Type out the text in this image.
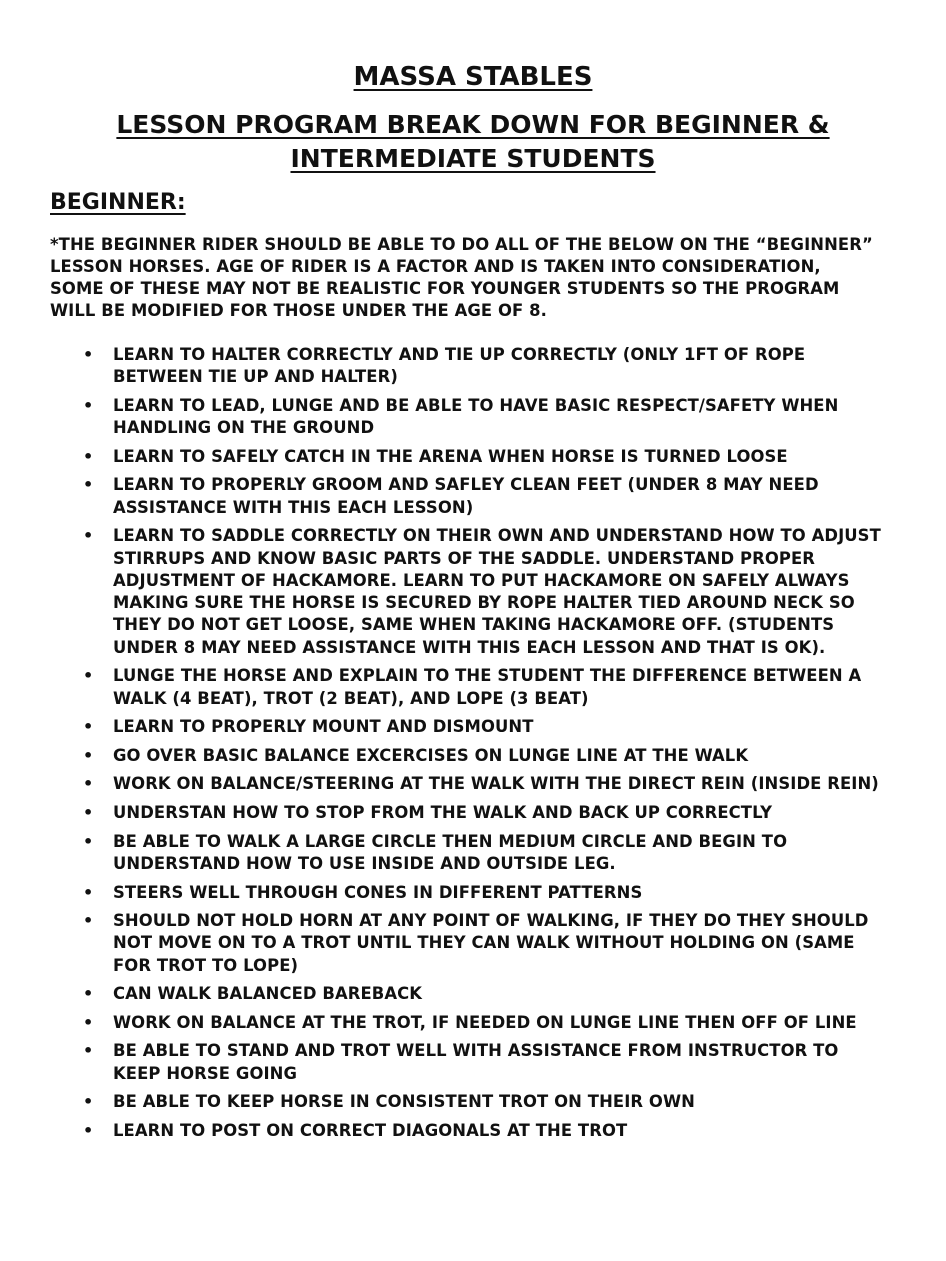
MASSA STABLES
LESSON PROGRAM BREAK DOWN FOR BEGINNER & INTERMEDIATE STUDENTS
BEGINNER:

*THE BEGINNER RIDER SHOULD BE ABLE TO DO ALL OF THE BELOW ON THE “BEGINNER” LESSON HORSES. AGE OF RIDER IS A FACTOR AND IS TAKEN INTO CONSIDERATION, SOME OF THESE MAY NOT BE REALISTIC FOR YOUNGER STUDENTS SO THE PROGRAM WILL BE MODIFIED FOR THOSE UNDER THE AGE OF 8.

• LEARN TO HALTER CORRECTLY AND TIE UP CORRECTLY (ONLY 1FT OF ROPE BETWEEN TIE UP AND HALTER)
• LEARN TO LEAD, LUNGE AND BE ABLE TO HAVE BASIC RESPECT/SAFETY WHEN HANDLING ON THE GROUND
• LEARN TO SAFELY CATCH IN THE ARENA WHEN HORSE IS TURNED LOOSE
• LEARN TO PROPERLY GROOM AND SAFLEY CLEAN FEET (UNDER 8 MAY NEED ASSISTANCE WITH THIS EACH LESSON)
• LEARN TO SADDLE CORRECTLY ON THEIR OWN AND UNDERSTAND HOW TO ADJUST STIRRUPS AND KNOW BASIC PARTS OF THE SADDLE. UNDERSTAND PROPER ADJUSTMENT OF HACKAMORE. LEARN TO PUT HACKAMORE ON SAFELY ALWAYS MAKING SURE THE HORSE IS SECURED BY ROPE HALTER TIED AROUND NECK SO THEY DO NOT GET LOOSE, SAME WHEN TAKING HACKAMORE OFF. (STUDENTS UNDER 8 MAY NEED ASSISTANCE WITH THIS EACH LESSON AND THAT IS OK).
• LUNGE THE HORSE AND EXPLAIN TO THE STUDENT THE DIFFERENCE BETWEEN A WALK (4 BEAT), TROT (2 BEAT), AND LOPE (3 BEAT)
• LEARN TO PROPERLY MOUNT AND DISMOUNT
• GO OVER BASIC BALANCE EXCERCISES ON LUNGE LINE AT THE WALK
• WORK ON BALANCE/STEERING AT THE WALK WITH THE DIRECT REIN (INSIDE REIN)
• UNDERSTAN HOW TO STOP FROM THE WALK AND BACK UP CORRECTLY
• BE ABLE TO WALK A LARGE CIRCLE THEN MEDIUM CIRCLE AND BEGIN TO UNDERSTAND HOW TO USE INSIDE AND OUTSIDE LEG.
• STEERS WELL THROUGH CONES IN DIFFERENT PATTERNS
• SHOULD NOT HOLD HORN AT ANY POINT OF WALKING, IF THEY DO THEY SHOULD NOT MOVE ON TO A TROT UNTIL THEY CAN WALK WITHOUT HOLDING ON (SAME FOR TROT TO LOPE)
• CAN WALK BALANCED BAREBACK
• WORK ON BALANCE AT THE TROT, IF NEEDED ON LUNGE LINE THEN OFF OF LINE
• BE ABLE TO STAND AND TROT WELL WITH ASSISTANCE FROM INSTRUCTOR TO KEEP HORSE GOING
• BE ABLE TO KEEP HORSE IN CONSISTENT TROT ON THEIR OWN
• LEARN TO POST ON CORRECT DIAGONALS AT THE TROT
